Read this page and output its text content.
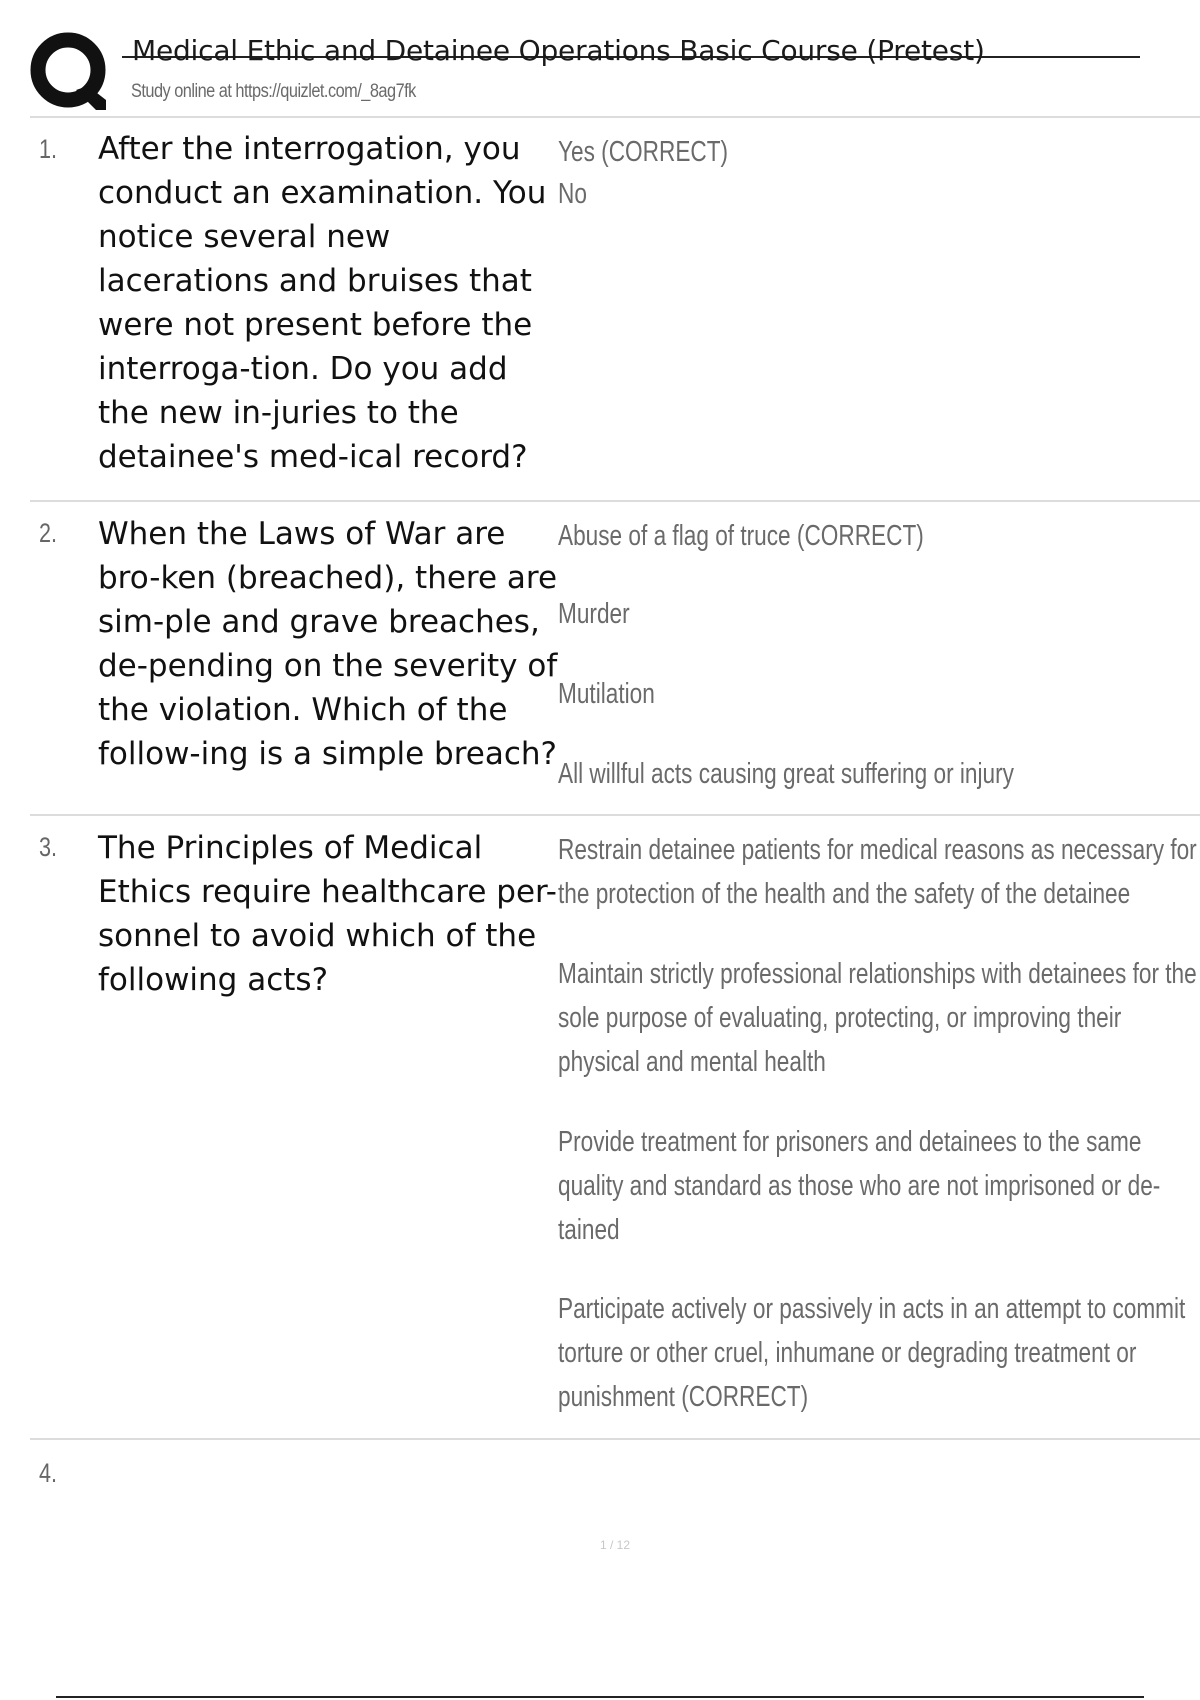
Medical Ethic and Detainee Operations Basic Course (Pretest)
Study online at https://quizlet.com/_8ag7fk
1. After the interrogation, you conduct an examination. You notice several new lacerations and bruises that were not present before the interroga-tion. Do you add the new in-juries to the detainee's med-ical record?
Yes (CORRECT)
No
2. When the Laws of War are bro-ken (breached), there are sim-ple and grave breaches, de-pending on the severity of the violation. Which of the follow-ing is a simple breach?
Abuse of a flag of truce (CORRECT)
Murder
Mutilation
All willful acts causing great suffering or injury
3. The Principles of Medical Ethics require healthcare per-sonnel to avoid which of the following acts?
Restrain detainee patients for medical reasons as necessary for the protection of the health and the safety of the detainee
Maintain strictly professional relationships with detainees for the sole purpose of evaluating, protecting, or improving their physical and mental health
Provide treatment for prisoners and detainees to the same quality and standard as those who are not imprisoned or de-tained
Participate actively or passively in acts in an attempt to commit torture or other cruel, inhumane or degrading treatment or punishment (CORRECT)
4.
1 / 12
